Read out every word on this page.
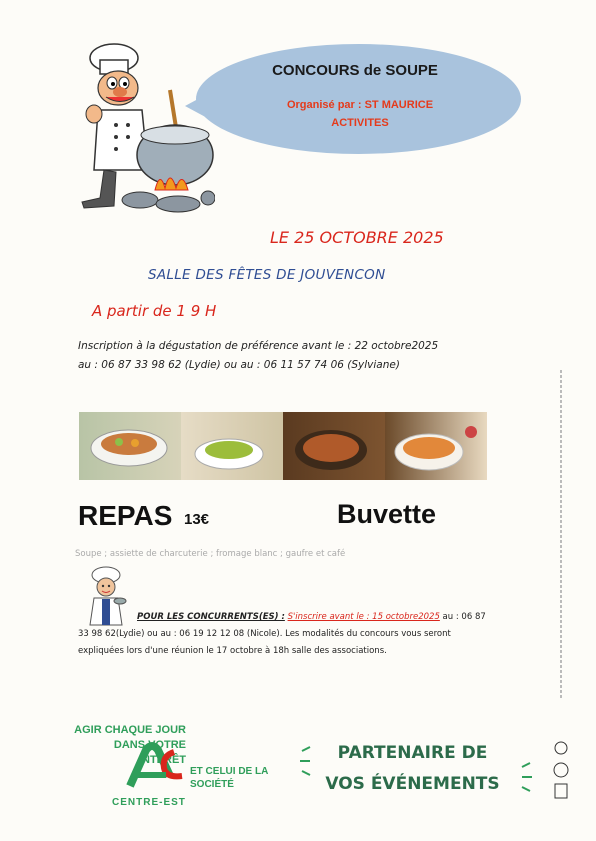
CONCOURS de SOUPE
Organisé par : ST MAURICE
ACTIVITES
LE 25 OCTOBRE 2025
SALLE DES FÊTES DE JOUVENCON
A partir de 1 9 H
Inscription à la dégustation de préférence avant le : 22 octobre2025
au : 06 87 33 98 62 (Lydie) ou au : 06 11 57 74 06 (Sylviane)
REPAS 13€	Buvette
Soupe ; assiette de charcuterie ; fromage blanc ; gaufre et café
POUR LES CONCURRENTS(ES) : S'inscrire avant le : 15 octobre2025 au : 06 87
33 98 62(Lydie) ou au : 06 19 12 12 08 (Nicole). Les modalités du concours vous seront
expliquées lors d'une réunion le 17 octobre à 18h salle des associations.
AGIR CHAQUE JOUR
DANS VOTRE
INTÉRÊT
ET CELUI DE LA
SOCIÉTÉ
CENTRE-EST
PARTENAIRE DE
VOS ÉVÉNEMENTS
